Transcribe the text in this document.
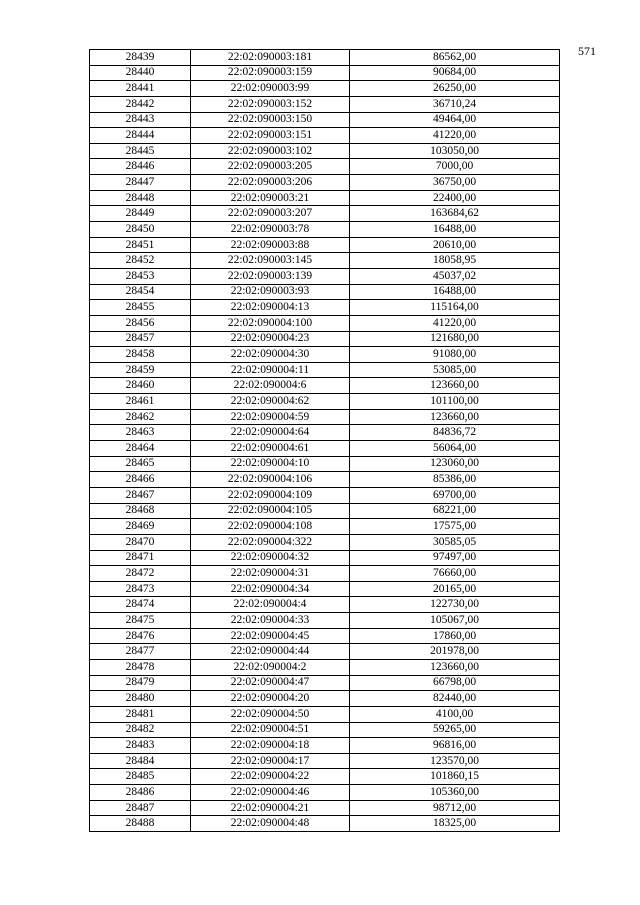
571
28439	22:02:090003:181	86562,00
28440	22:02:090003:159	90684,00
28441	22:02:090003:99	26250,00
28442	22:02:090003:152	36710,24
28443	22:02:090003:150	49464,00
28444	22:02:090003:151	41220,00
28445	22:02:090003:102	103050,00
28446	22:02:090003:205	7000,00
28447	22:02:090003:206	36750,00
28448	22:02:090003:21	22400,00
28449	22:02:090003:207	163684,62
28450	22:02:090003:78	16488,00
28451	22:02:090003:88	20610,00
28452	22:02:090003:145	18058,95
28453	22:02:090003:139	45037,02
28454	22:02:090003:93	16488,00
28455	22:02:090004:13	115164,00
28456	22:02:090004:100	41220,00
28457	22:02:090004:23	121680,00
28458	22:02:090004:30	91080,00
28459	22:02:090004:11	53085,00
28460	22:02:090004:6	123660,00
28461	22:02:090004:62	101100,00
28462	22:02:090004:59	123660,00
28463	22:02:090004:64	84836,72
28464	22:02:090004:61	56064,00
28465	22:02:090004:10	123060,00
28466	22:02:090004:106	85386,00
28467	22:02:090004:109	69700,00
28468	22:02:090004:105	68221,00
28469	22:02:090004:108	17575,00
28470	22:02:090004:322	30585,05
28471	22:02:090004:32	97497,00
28472	22:02:090004:31	76660,00
28473	22:02:090004:34	20165,00
28474	22:02:090004:4	122730,00
28475	22:02:090004:33	105067,00
28476	22:02:090004:45	17860,00
28477	22:02:090004:44	201978,00
28478	22:02:090004:2	123660,00
28479	22:02:090004:47	66798,00
28480	22:02:090004:20	82440,00
28481	22:02:090004:50	4100,00
28482	22:02:090004:51	59265,00
28483	22:02:090004:18	96816,00
28484	22:02:090004:17	123570,00
28485	22:02:090004:22	101860,15
28486	22:02:090004:46	105360,00
28487	22:02:090004:21	98712,00
28488	22:02:090004:48	18325,00
